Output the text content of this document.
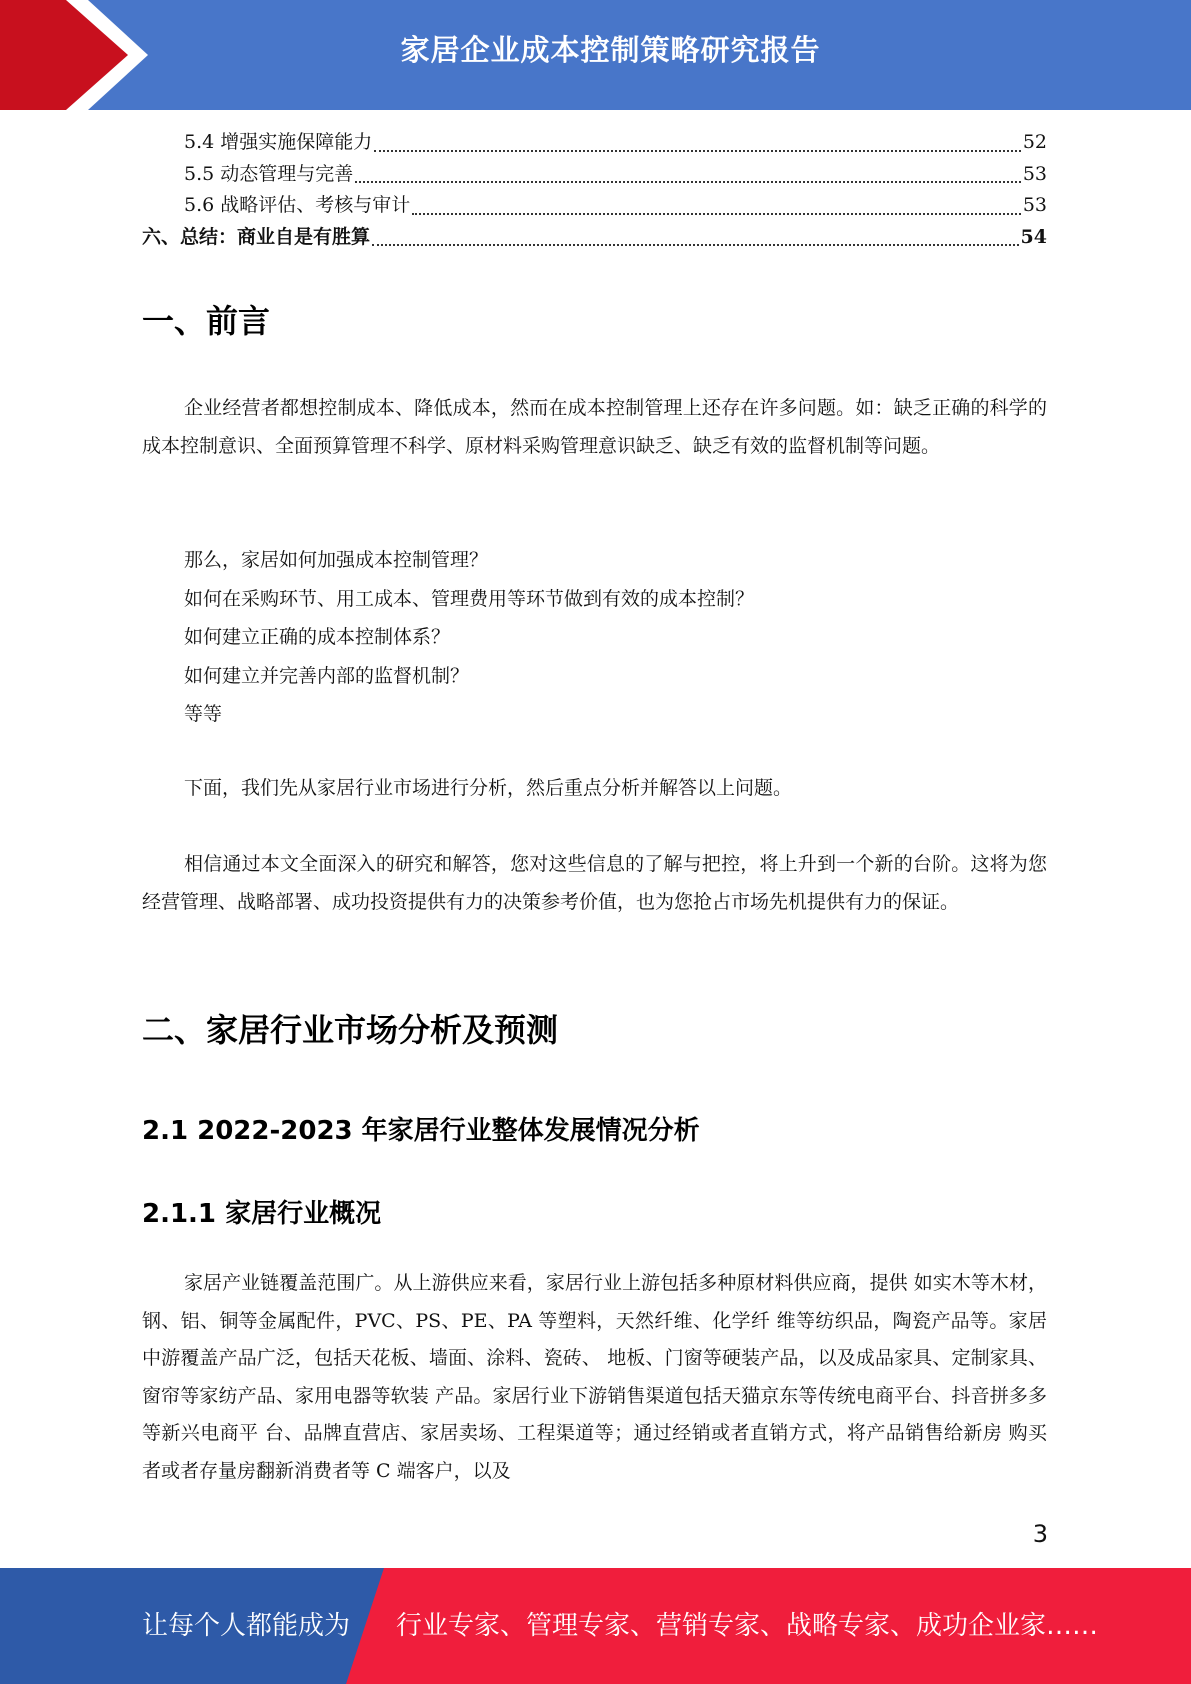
家居企业成本控制策略研究报告
5.4 增强实施保障能力	52
5.5 动态管理与完善	53
5.6 战略评估、考核与审计	53
六、总结：商业自是有胜算	54
一、前言
企业经营者都想控制成本、降低成本，然而在成本控制管理上还存在许多问题。如：缺乏正确的科学的成本控制意识、全面预算管理不科学、原材料采购管理意识缺乏、缺乏有效的监督机制等问题。
那么，家居如何加强成本控制管理？
如何在采购环节、用工成本、管理费用等环节做到有效的成本控制？
如何建立正确的成本控制体系？
如何建立并完善内部的监督机制？
等等
下面，我们先从家居行业市场进行分析，然后重点分析并解答以上问题。
相信通过本文全面深入的研究和解答，您对这些信息的了解与把控，将上升到一个新的台阶。这将为您经营管理、战略部署、成功投资提供有力的决策参考价值，也为您抢占市场先机提供有力的保证。
二、家居行业市场分析及预测
2.1 2022-2023 年家居行业整体发展情况分析
2.1.1 家居行业概况
家居产业链覆盖范围广。从上游供应来看，家居行业上游包括多种原材料供应商，提供 如实木等木材，钢、铝、铜等金属配件，PVC、PS、PE、PA 等塑料，天然纤维、化学纤 维等纺织品，陶瓷产品等。家居中游覆盖产品广泛，包括天花板、墙面、涂料、瓷砖、 地板、门窗等硬装产品，以及成品家具、定制家具、窗帘等家纺产品、家用电器等软装 产品。家居行业下游销售渠道包括天猫京东等传统电商平台、抖音拼多多等新兴电商平 台、品牌直营店、家居卖场、工程渠道等；通过经销或者直销方式，将产品销售给新房 购买者或者存量房翻新消费者等 C 端客户，以及
3
让每个人都能成为 行业专家、管理专家、营销专家、战略专家、成功企业家……
